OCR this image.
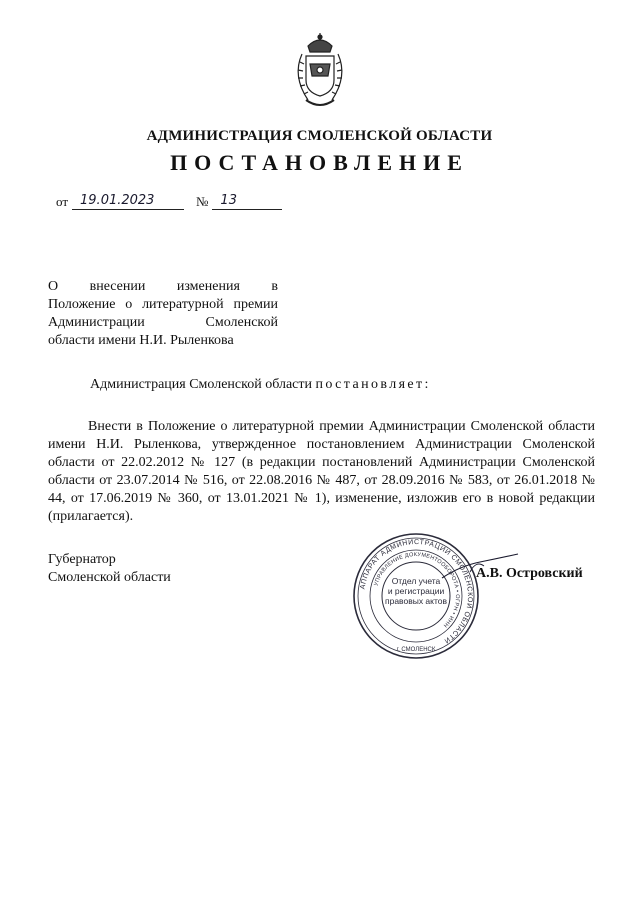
АДМИНИСТРАЦИЯ СМОЛЕНСКОЙ ОБЛАСТИ
ПОСТАНОВЛЕНИЕ
от 19.01.2023	№ 13
О внесении изменения в
Положение о литературной премии
Администрации Смоленской

области имени Н.И. Рыленкова
Администрация Смоленской области постановляет:
Внести в Положение о литературной премии Администрации Смоленской области имени Н.И. Рыленкова, утвержденное постановлением Администрации Смоленской области от 22.02.2012 № 127 (в редакции постановлений Администрации Смоленской области от 23.07.2014 № 516, от 22.08.2016 № 487, от 28.09.2016 № 583, от 26.01.2018 № 44, от 17.06.2019 № 360, от 13.01.2021 № 1), изменение, изложив его в новой редакции (прилагается).
Губернатор
Смоленской области
АППАРАТ АДМИНИСТРАЦИИ СМОЛЕНСКОЙ ОБЛАСТИ
УПРАВЛЕНИЕ ДОКУМЕНТООБОРОТА • ОГРН • ИНН
г. СМОЛЕНСК
Отдел учета
и регистрации
правовых актов
А.В. Островский
